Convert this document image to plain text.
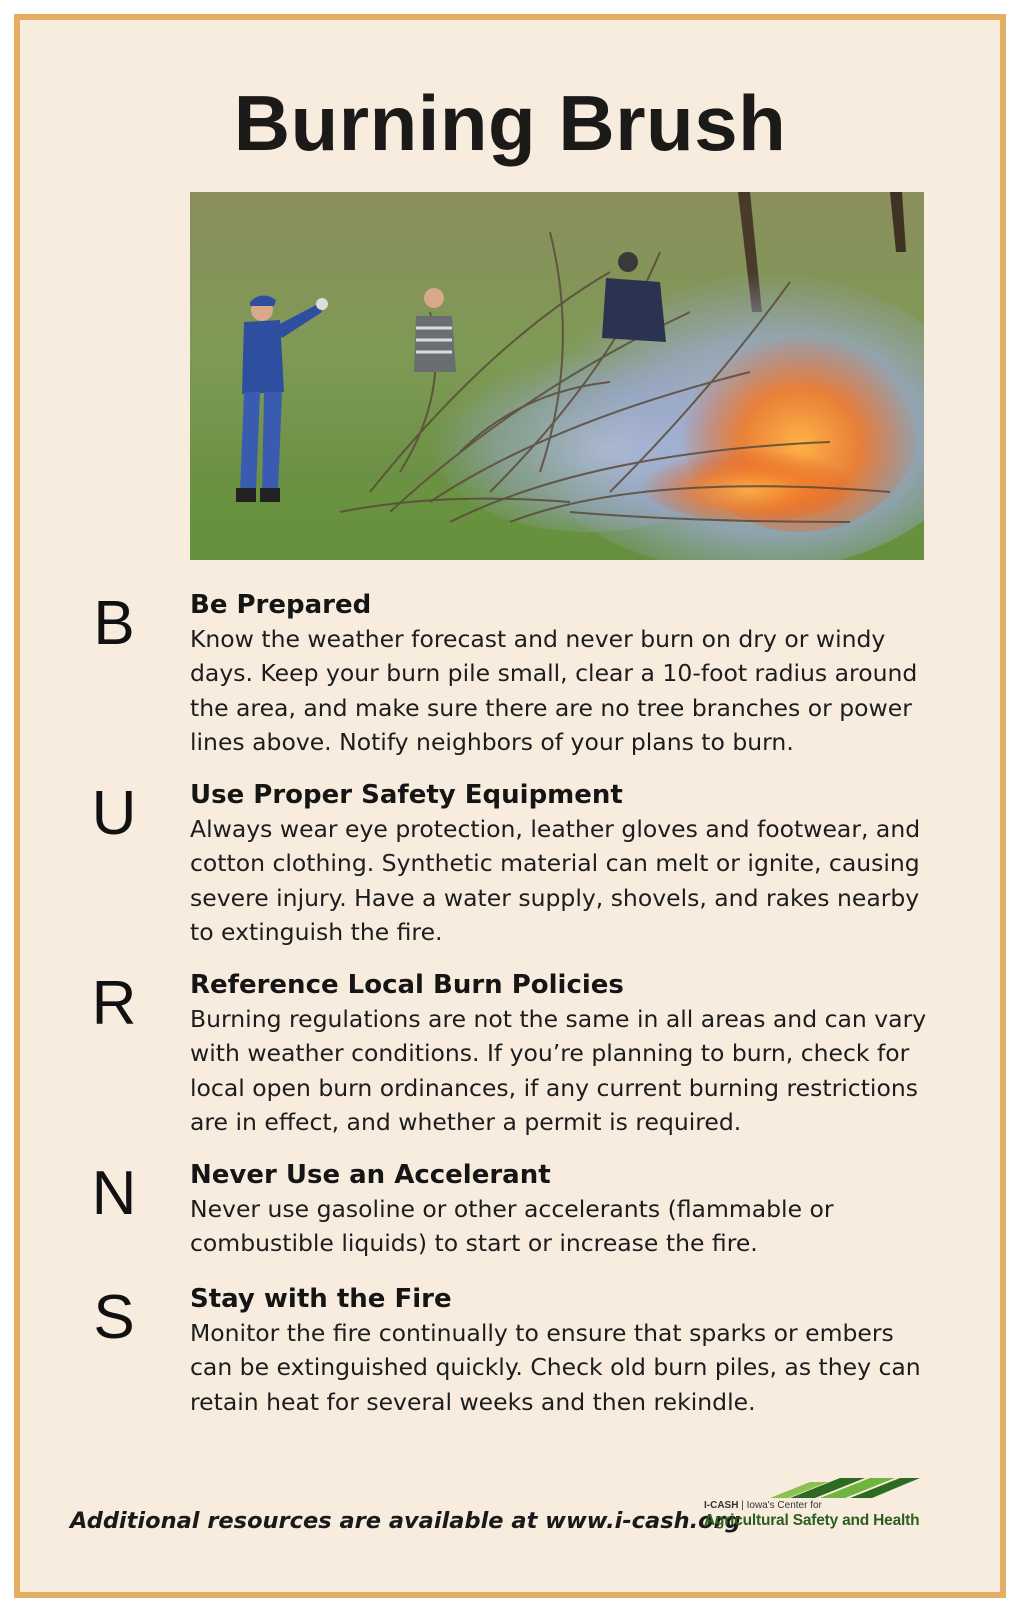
Burning Brush
B	Be Prepared
Know the weather forecast and never burn on dry or windy
days. Keep your burn pile small, clear a 10-foot radius around
the area, and make sure there are no tree branches or power
lines above. Notify neighbors of your plans to burn.
U	Use Proper Safety Equipment
Always wear eye protection, leather gloves and footwear, and
cotton clothing. Synthetic material can melt or ignite, causing
severe injury. Have a water supply, shovels, and rakes nearby
to extinguish the fire.
R	Reference Local Burn Policies
Burning regulations are not the same in all areas and can vary
with weather conditions. If you’re planning to burn, check for
local open burn ordinances, if any current burning restrictions
are in effect, and whether a permit is required.
N	Never Use an Accelerant
Never use gasoline or other accelerants (flammable or
combustible liquids) to start or increase the fire.
S	Stay with the Fire
Monitor the fire continually to ensure that sparks or embers
can be extinguished quickly. Check old burn piles, as they can
retain heat for several weeks and then rekindle.
Additional resources are available at www.i-cash.org
I-CASH | Iowa's Center for
Agricultural Safety and Health
